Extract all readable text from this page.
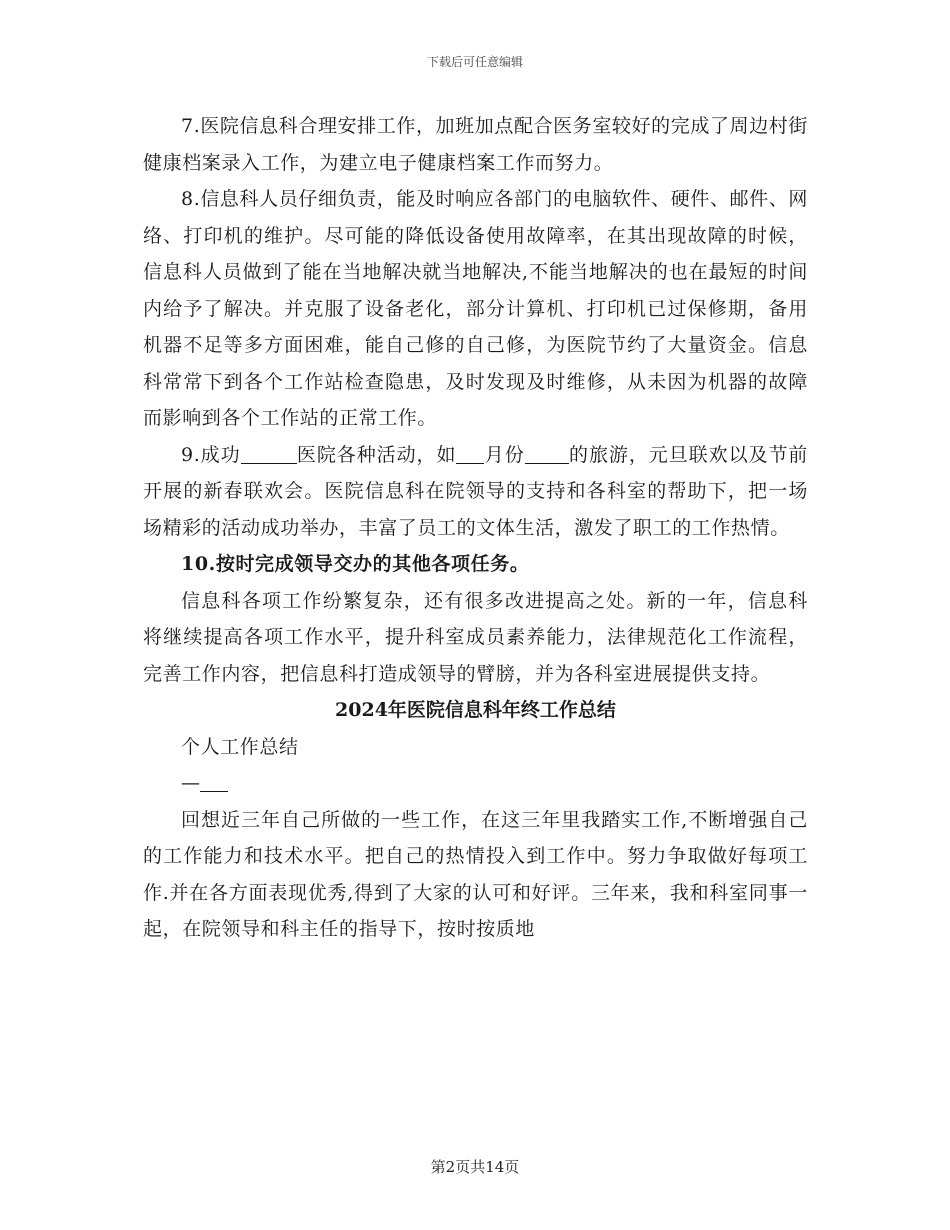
下载后可任意编辑

7.医院信息科合理安排工作，加班加点配合医务室较好的完成了周边村街健康档案录入工作，为建立电子健康档案工作而努力。

8.信息科人员仔细负责，能及时响应各部门的电脑软件、硬件、邮件、网络、打印机的维护。尽可能的降低设备使用故障率，在其出现故障的时候，信息科人员做到了能在当地解决就当地解决,不能当地解决的也在最短的时间内给予了解决。并克服了设备老化，部分计算机、打印机已过保修期，备用机器不足等多方面困难，能自己修的自己修，为医院节约了大量资金。信息科常常下到各个工作站检查隐患，及时发现及时维修，从未因为机器的故障而影响到各个工作站的正常工作。

9.成功	医院各种活动，如 月份 的旅游，元旦联欢以及节前开展的新春联欢会。医院信息科在院领导的支持和各科室的帮助下，把一场场精彩的活动成功举办，丰富了员工的文体生活，激发了职工的工作热情。

10.按时完成领导交办的其他各项任务。

信息科各项工作纷繁复杂，还有很多改进提高之处。新的一年，信息科将继续提高各项工作水平，提升科室成员素养能力，法律规范化工作流程，完善工作内容，把信息科打造成领导的臂膀，并为各科室进展提供支持。

2024年医院信息科年终工作总结

个人工作总结

—

回想近三年自己所做的一些工作，在这三年里我踏实工作,不断增强自己的工作能力和技术水平。把自己的热情投入到工作中。努力争取做好每项工作.并在各方面表现优秀,得到了大家的认可和好评。三年来，我和科室同事一起，在院领导和科主任的指导下，按时按质地

第2页共14页
